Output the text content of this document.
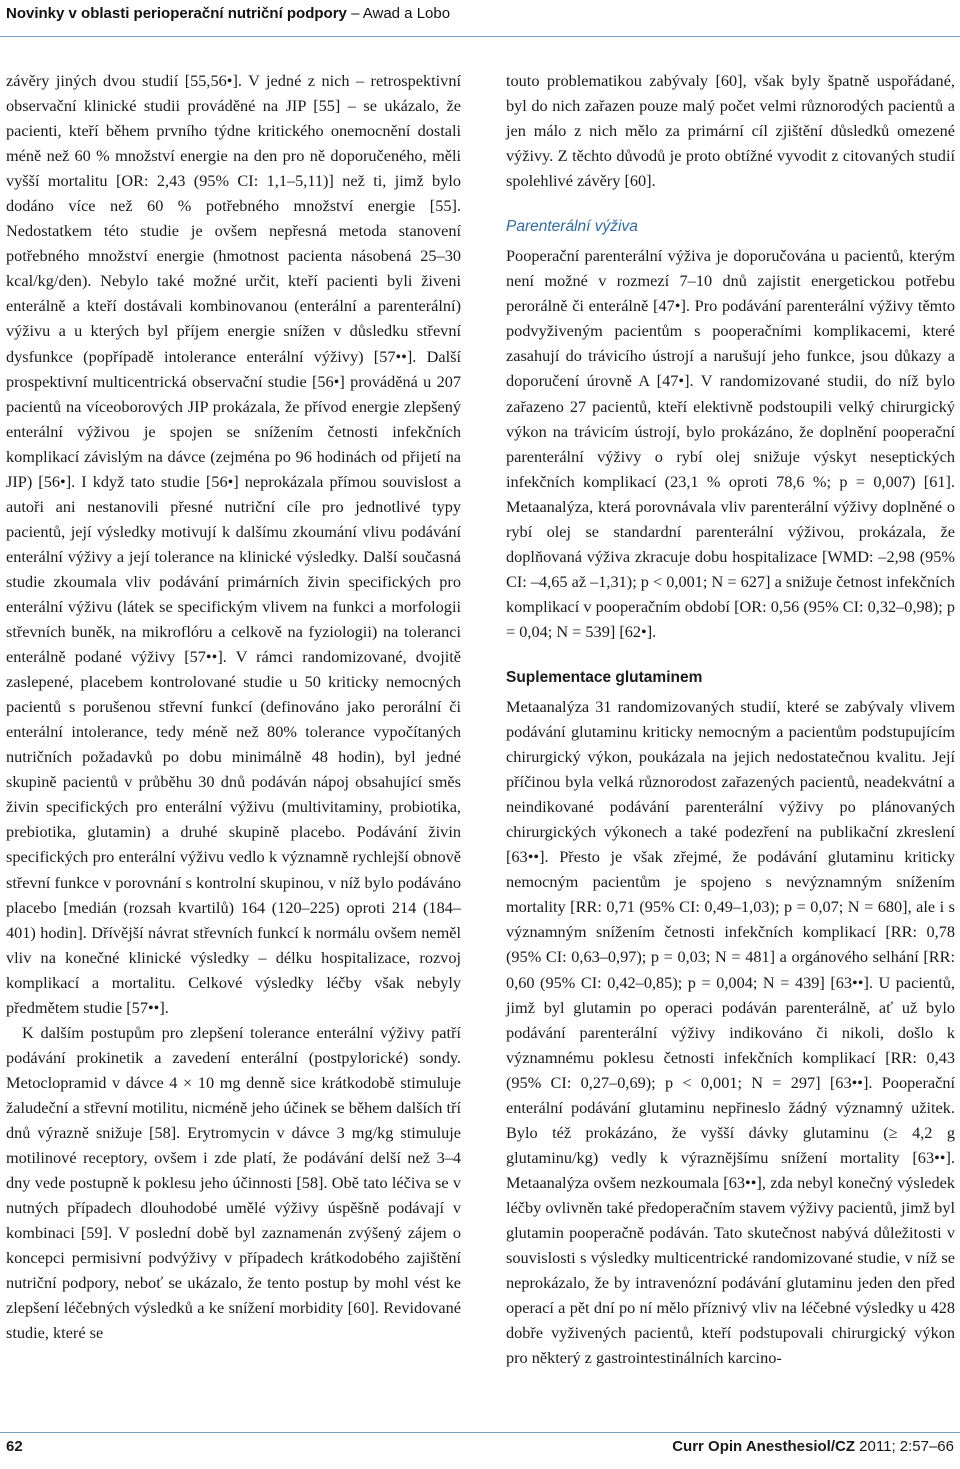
Novinky v oblasti perioperační nutriční podpory – Awad a Lobo

závěry jiných dvou studií [55,56•]. V jedné z nich – retrospektivní observační klinické studii prováděné na JIP [55] – se ukázalo, že pacienti, kteří během prvního týdne kritického onemocnění dostali méně než 60 % množství energie na den pro ně doporučeného, měli vyšší mortalitu [OR: 2,43 (95% CI: 1,1–5,11)] než ti, jimž bylo dodáno více než 60 % potřebného množství energie [55]. Nedostatkem této studie je ovšem nepřesná metoda stanovení potřebného množství energie (hmotnost pacienta násobená 25–30 kcal/kg/den). Nebylo také možné určit, kteří pacienti byli živeni enterálně a kteří dostávali kombinovanou (enterální a parenterální) výživu a u kterých byl příjem energie snížen v důsledku střevní dysfunkce (popřípadě intolerance enterální výživy) [57••]. Další prospektivní multicentrická observační studie [56•] prováděná u 207 pacientů na víceoborových JIP prokázala, že přívod energie zlepšený enterální výživou je spojen se snížením četnosti infekčních komplikací závislým na dávce (zejména po 96 hodinách od přijetí na JIP) [56•]. I když tato studie [56•] neprokázala přímou souvislost a autoři ani nestanovili přesné nutriční cíle pro jednotlivé typy pacientů, její výsledky motivují k dalšímu zkoumání vlivu podávání enterální výživy a její tolerance na klinické výsledky. Další současná studie zkoumala vliv podávání primárních živin specifických pro enterální výživu (látek se specifickým vlivem na funkci a morfologii střevních buněk, na mikroflóru a celkově na fyziologii) na toleranci enterálně podané výživy [57••]. V rámci randomizované, dvojitě zaslepené, placebem kontrolované studie u 50 kriticky nemocných pacientů s porušenou střevní funkcí (definováno jako perorální či enterální intolerance, tedy méně než 80% tolerance vypočítaných nutričních požadavků po dobu minimálně 48 hodin), byl jedné skupině pacientů v průběhu 30 dnů podáván nápoj obsahující směs živin specifických pro enterální výživu (multivitaminy, probiotika, prebiotika, glutamin) a druhé skupině placebo. Podávání živin specifických pro enterální výživu vedlo k významně rychlejší obnově střevní funkce v porovnání s kontrolní skupinou, v níž bylo podáváno placebo [medián (rozsah kvartilů) 164 (120–225) oproti 214 (184–401) hodin]. Dřívější návrat střevních funkcí k normálu ovšem neměl vliv na konečné klinické výsledky – délku hospitalizace, rozvoj komplikací a mortalitu. Celkové výsledky léčby však nebyly předmětem studie [57••].

K dalším postupům pro zlepšení tolerance enterální výživy patří podávání prokinetik a zavedení enterální (postpylorické) sondy. Metoclopramid v dávce 4 × 10 mg denně sice krátkodobě stimuluje žaludeční a střevní motilitu, nicméně jeho účinek se během dalších tří dnů výrazně snižuje [58]. Erytromycin v dávce 3 mg/kg stimuluje motilinové receptory, ovšem i zde platí, že podávání delší než 3–4 dny vede postupně k poklesu jeho účinnosti [58]. Obě tato léčiva se v nutných případech dlouhodobé umělé výživy úspěšně podávají v kombinaci [59]. V poslední době byl zaznamenán zvýšený zájem o koncepci permisivní podvýživy v případech krátkodobého zajištění nutriční podpory, neboť se ukázalo, že tento postup by mohl vést ke zlepšení léčebných výsledků a ke snížení morbidity [60]. Revidované studie, které se

touto problematikou zabývaly [60], však byly špatně uspořádané, byl do nich zařazen pouze malý počet velmi různorodých pacientů a jen málo z nich mělo za primární cíl zjištění důsledků omezené výživy. Z těchto důvodů je proto obtížné vyvodit z citovaných studií spolehlivé závěry [60].

Parenterální výživa

Pooperační parenterální výživa je doporučována u pacientů, kterým není možné v rozmezí 7–10 dnů zajistit energetickou potřebu perorálně či enterálně [47•]. Pro podávání parenterální výživy těmto podvyživeným pacientům s pooperačními komplikacemi, které zasahují do trávicího ústrojí a narušují jeho funkce, jsou důkazy a doporučení úrovně A [47•]. V randomizované studii, do níž bylo zařazeno 27 pacientů, kteří elektivně podstoupili velký chirurgický výkon na trávicím ústrojí, bylo prokázáno, že doplnění pooperační parenterální výživy o rybí olej snižuje výskyt neseptických infekčních komplikací (23,1 % oproti 78,6 %; p = 0,007) [61]. Metaanalýza, která porovnávala vliv parenterální výživy doplněné o rybí olej se standardní parenterální výživou, prokázala, že doplňovaná výživa zkracuje dobu hospitalizace [WMD: –2,98 (95% CI: –4,65 až –1,31); p < 0,001; N = 627] a snižuje četnost infekčních komplikací v pooperačním období [OR: 0,56 (95% CI: 0,32–0,98); p = 0,04; N = 539] [62•].

Suplementace glutaminem

Metaanalýza 31 randomizovaných studií, které se zabývaly vlivem podávání glutaminu kriticky nemocným a pacientům podstupujícím chirurgický výkon, poukázala na jejich nedostatečnou kvalitu. Její příčinou byla velká různorodost zařazených pacientů, neadekvátní a neindikované podávání parenterální výživy po plánovaných chirurgických výkonech a také podezření na publikační zkreslení [63••]. Přesto je však zřejmé, že podávání glutaminu kriticky nemocným pacientům je spojeno s nevýznamným snížením mortality [RR: 0,71 (95% CI: 0,49–1,03); p = 0,07; N = 680], ale i s významným snížením četnosti infekčních komplikací [RR: 0,78 (95% CI: 0,63–0,97); p = 0,03; N = 481] a orgánového selhání [RR: 0,60 (95% CI: 0,42–0,85); p = 0,004; N = 439] [63••]. U pacientů, jimž byl glutamin po operaci podáván parenterálně, ať už bylo podávání parenterální výživy indikováno či nikoli, došlo k významnému poklesu četnosti infekčních komplikací [RR: 0,43 (95% CI: 0,27–0,69); p < 0,001; N = 297] [63••]. Pooperační enterální podávání glutaminu nepřineslo žádný významný užitek. Bylo též prokázáno, že vyšší dávky glutaminu (≥ 4,2 g glutaminu/kg) vedly k výraznějšímu snížení mortality [63••]. Metaanalýza ovšem nezkoumala [63••], zda nebyl konečný výsledek léčby ovlivněn také předoperačním stavem výživy pacientů, jimž byl glutamin pooperačně podáván. Tato skutečnost nabývá důležitosti v souvislosti s výsledky multicentrické randomizované studie, v níž se neprokázalo, že by intravenózní podávání glutaminu jeden den před operací a pět dní po ní mělo příznivý vliv na léčebné výsledky u 428 dobře vyživených pacientů, kteří podstupovali chirurgický výkon pro některý z gastrointestinálních karcino-

62	Curr Opin Anesthesiol/CZ 2011; 2:57–66
